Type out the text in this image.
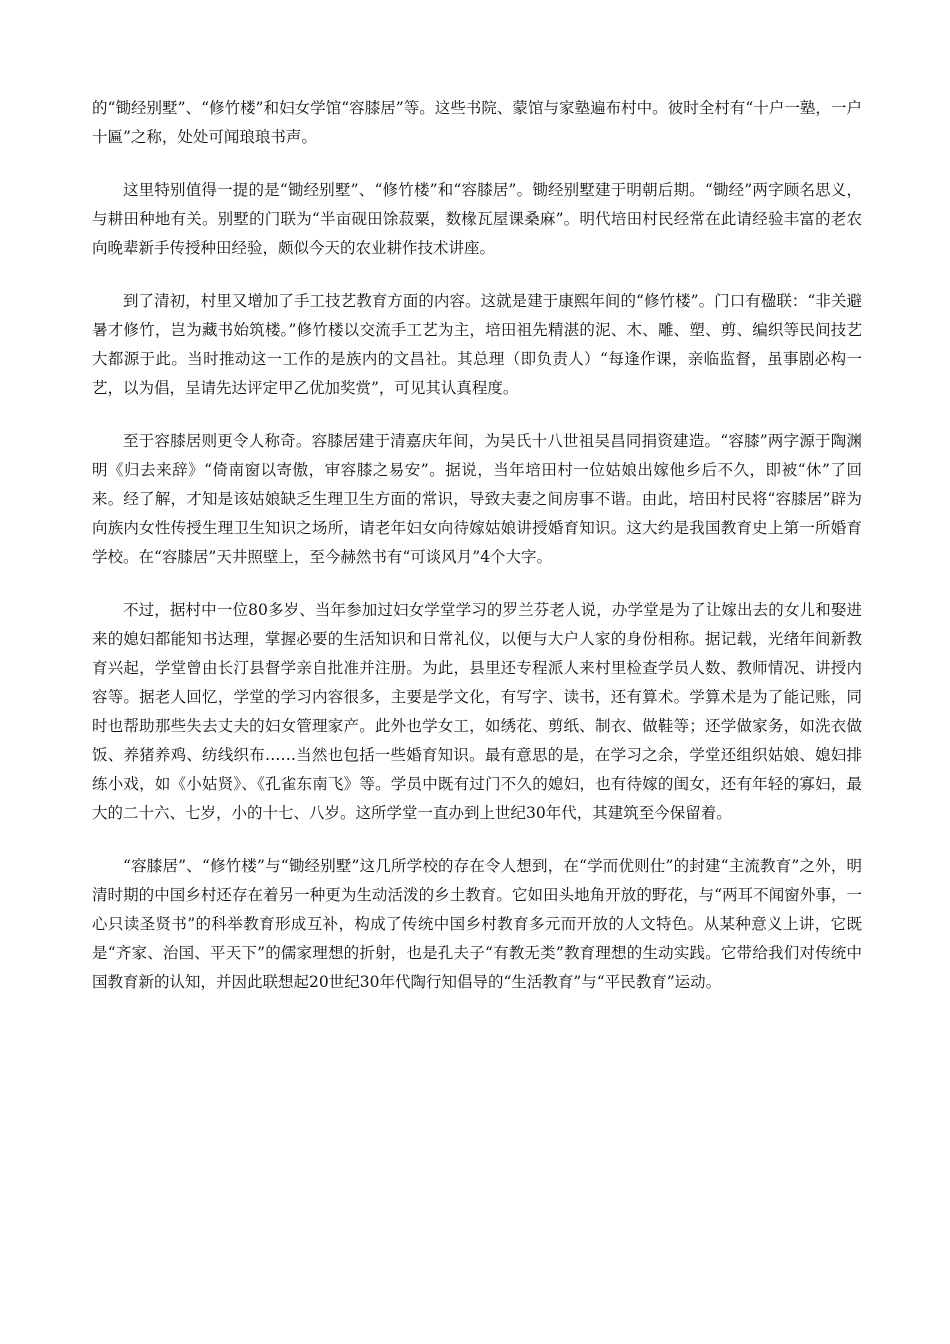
的“锄经别墅”、“修竹楼”和妇女学馆“容膝居”等。这些书院、蒙馆与家塾遍布村中。彼时全村有“十户一塾，一户十匾”之称，处处可闻琅琅书声。

这里特别值得一提的是“锄经别墅”、“修竹楼”和“容膝居”。锄经别墅建于明朝后期。“锄经”两字顾名思义，与耕田种地有关。别墅的门联为“半亩砚田馀菽粟，数椽瓦屋课桑麻”。明代培田村民经常在此请经验丰富的老农向晚辈新手传授种田经验，颇似今天的农业耕作技术讲座。

到了清初，村里又增加了手工技艺教育方面的内容。这就是建于康熙年间的“修竹楼”。门口有楹联：“非关避暑才修竹，岂为藏书始筑楼。”修竹楼以交流手工艺为主，培田祖先精湛的泥、木、雕、塑、剪、编织等民间技艺大都源于此。当时推动这一工作的是族内的文昌社。其总理（即负责人）“每逢作课，亲临监督，虽事剧必构一艺，以为倡，呈请先达评定甲乙优加奖赏”，可见其认真程度。

至于容膝居则更令人称奇。容膝居建于清嘉庆年间，为吴氏十八世祖吴昌同捐资建造。“容膝”两字源于陶渊明《归去来辞》“倚南窗以寄傲，审容膝之易安”。据说，当年培田村一位姑娘出嫁他乡后不久，即被“休”了回来。经了解，才知是该姑娘缺乏生理卫生方面的常识，导致夫妻之间房事不谐。由此，培田村民将“容膝居”辟为向族内女性传授生理卫生知识之场所，请老年妇女向待嫁姑娘讲授婚育知识。这大约是我国教育史上第一所婚育学校。在“容膝居”天井照壁上，至今赫然书有“可谈风月”4个大字。

不过，据村中一位80多岁、当年参加过妇女学堂学习的罗兰芬老人说，办学堂是为了让嫁出去的女儿和娶进来的媳妇都能知书达理，掌握必要的生活知识和日常礼仪，以便与大户人家的身份相称。据记载，光绪年间新教育兴起，学堂曾由长汀县督学亲自批准并注册。为此，县里还专程派人来村里检查学员人数、教师情况、讲授内容等。据老人回忆，学堂的学习内容很多，主要是学文化，有写字、读书，还有算术。学算术是为了能记账，同时也帮助那些失去丈夫的妇女管理家产。此外也学女工，如绣花、剪纸、制衣、做鞋等；还学做家务，如洗衣做饭、养猪养鸡、纺线织布……当然也包括一些婚育知识。最有意思的是，在学习之余，学堂还组织姑娘、媳妇排练小戏，如《小姑贤》、《孔雀东南飞》等。学员中既有过门不久的媳妇，也有待嫁的闺女，还有年轻的寡妇，最大的二十六、七岁，小的十七、八岁。这所学堂一直办到上世纪30年代，其建筑至今保留着。

“容膝居”、“修竹楼”与“锄经别墅”这几所学校的存在令人想到，在“学而优则仕”的封建“主流教育”之外，明清时期的中国乡村还存在着另一种更为生动活泼的乡土教育。它如田头地角开放的野花，与“两耳不闻窗外事，一心只读圣贤书”的科举教育形成互补，构成了传统中国乡村教育多元而开放的人文特色。从某种意义上讲，它既是“齐家、治国、平天下”的儒家理想的折射，也是孔夫子“有教无类”教育理想的生动实践。它带给我们对传统中国教育新的认知，并因此联想起20世纪30年代陶行知倡导的“生活教育”与“平民教育”运动。
